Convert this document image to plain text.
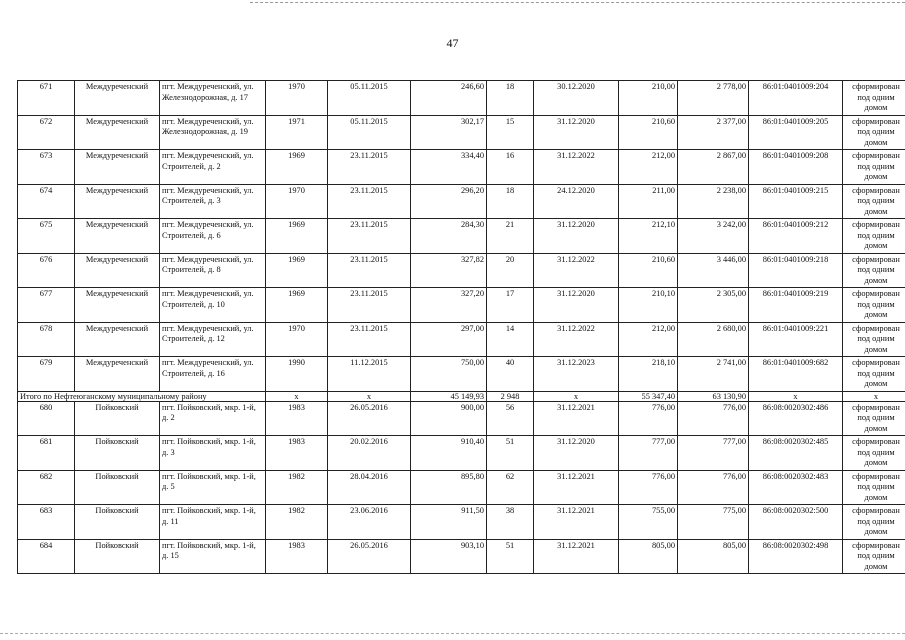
47
671	Междуреченский	пгт. Междуреченский, ул. Железнодорожная, д. 17	1970	05.11.2015	246,60	18	30.12.2020	210,00	2 778,00	86:01:0401009:204	сформирован под одним домом
672	Междуреченский	пгт. Междуреченский, ул. Железнодорожная, д. 19	1971	05.11.2015	302,17	15	31.12.2020	210,60	2 377,00	86:01:0401009:205	сформирован под одним домом
673	Междуреченский	пгт. Междуреченский, ул. Строителей, д. 2	1969	23.11.2015	334,40	16	31.12.2022	212,00	2 867,00	86:01:0401009:208	сформирован под одним домом
674	Междуреченский	пгт. Междуреченский, ул. Строителей, д. 3	1970	23.11.2015	296,20	18	24.12.2020	211,00	2 238,00	86:01:0401009:215	сформирован под одним домом
675	Междуреченский	пгт. Междуреченский, ул. Строителей, д. 6	1969	23.11.2015	284,30	21	31.12.2020	212,10	3 242,00	86:01:0401009:212	сформирован под одним домом
676	Междуреченский	пгт. Междуреченский, ул. Строителей, д. 8	1969	23.11.2015	327,82	20	31.12.2022	210,60	3 446,00	86:01:0401009:218	сформирован под одним домом
677	Междуреченский	пгт. Междуреченский, ул. Строителей, д. 10	1969	23.11.2015	327,20	17	31.12.2020	210,10	2 305,00	86:01:0401009:219	сформирован под одним домом
678	Междуреченский	пгт. Междуреченский, ул. Строителей, д. 12	1970	23.11.2015	297,00	14	31.12.2022	212,00	2 680,00	86:01:0401009:221	сформирован под одним домом
679	Междуреченский	пгт. Междуреченский, ул. Строителей, д. 16	1990	11.12.2015	750,00	40	31.12.2023	218,10	2 741,00	86:01:0401009:682	сформирован под одним домом
Итого по Нефтеюганскому муниципальному району			х	х	45 149,93	2 948	х	55 347,40	63 130,90	х	х
680	Пойковский	пгт. Пойковский, мкр. 1-й, д. 2	1983	26.05.2016	900,00	56	31.12.2021	776,00	776,00	86:08:0020302:486	сформирован под одним домом
681	Пойковский	пгт. Пойковский, мкр. 1-й, д. 3	1983	20.02.2016	910,40	51	31.12.2020	777,00	777,00	86:08:0020302:485	сформирован под одним домом
682	Пойковский	пгт. Пойковский, мкр. 1-й, д. 5	1982	28.04.2016	895,80	62	31.12.2021	776,00	776,00	86:08:0020302:483	сформирован под одним домом
683	Пойковский	пгт. Пойковский, мкр. 1-й, д. 11	1982	23.06.2016	911,50	38	31.12.2021	755,00	775,00	86:08:0020302:500	сформирован под одним домом
684	Пойковский	пгт. Пойковский, мкр. 1-й, д. 15	1983	26.05.2016	903,10	51	31.12.2021	805,00	805,00	86:08:0020302:498	сформирован под одним домом
